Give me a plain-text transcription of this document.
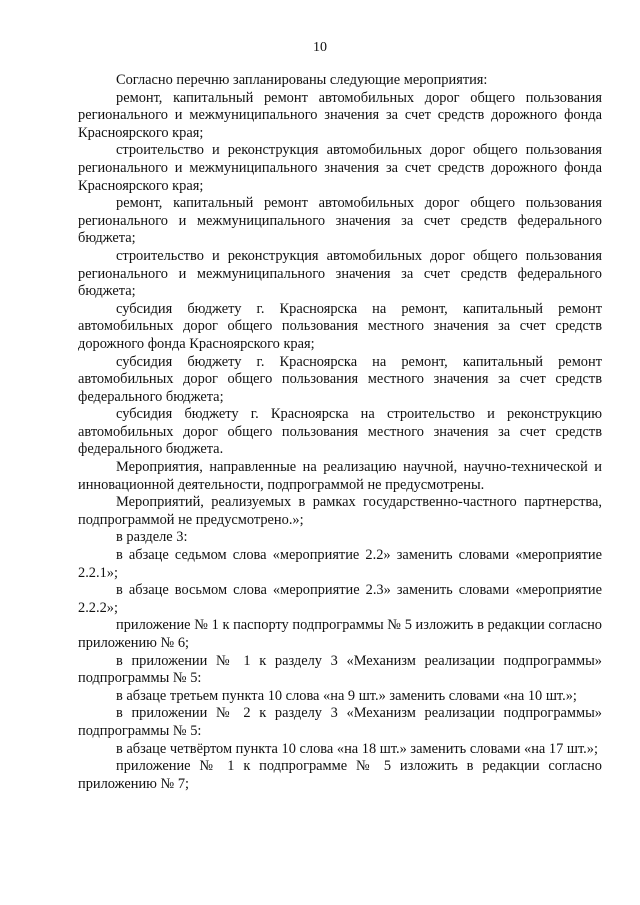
10

Согласно перечню запланированы следующие мероприятия:

ремонт, капитальный ремонт автомобильных дорог общего пользования регионального и межмуниципального значения за счет средств дорожного фонда Красноярского края;

строительство и реконструкция автомобильных дорог общего пользования регионального и межмуниципального значения за счет средств дорожного фонда Красноярского края;

ремонт, капитальный ремонт автомобильных дорог общего пользования регионального и межмуниципального значения за счет средств федерального бюджета;

строительство и реконструкция автомобильных дорог общего пользования регионального и межмуниципального значения за счет средств федерального бюджета;

субсидия бюджету г. Красноярска на ремонт, капитальный ремонт автомобильных дорог общего пользования местного значения за счет средств дорожного фонда Красноярского края;

субсидия бюджету г. Красноярска на ремонт, капитальный ремонт автомобильных дорог общего пользования местного значения за счет средств федерального бюджета;

субсидия бюджету г. Красноярска на строительство и реконструкцию автомобильных дорог общего пользования местного значения за счет средств федерального бюджета.

Мероприятия, направленные на реализацию научной, научно-технической и инновационной деятельности, подпрограммой не предусмотрены.

Мероприятий, реализуемых в рамках государственно-частного партнерства, подпрограммой не предусмотрено.»;

в разделе 3:

в абзаце седьмом слова «мероприятие 2.2» заменить словами «мероприятие 2.2.1»;

в абзаце восьмом слова «мероприятие 2.3» заменить словами «мероприятие 2.2.2»;

приложение № 1 к паспорту подпрограммы № 5 изложить в редакции согласно приложению № 6;

в приложении № 1 к разделу 3 «Механизм реализации подпрограммы» подпрограммы № 5:

в абзаце третьем пункта 10 слова «на 9 шт.» заменить словами «на 10 шт.»;

в приложении № 2 к разделу 3 «Механизм реализации подпрограммы» подпрограммы № 5:

в абзаце четвёртом пункта 10 слова «на 18 шт.» заменить словами «на 17 шт.»;

приложение № 1 к подпрограмме № 5 изложить в редакции согласно приложению № 7;
